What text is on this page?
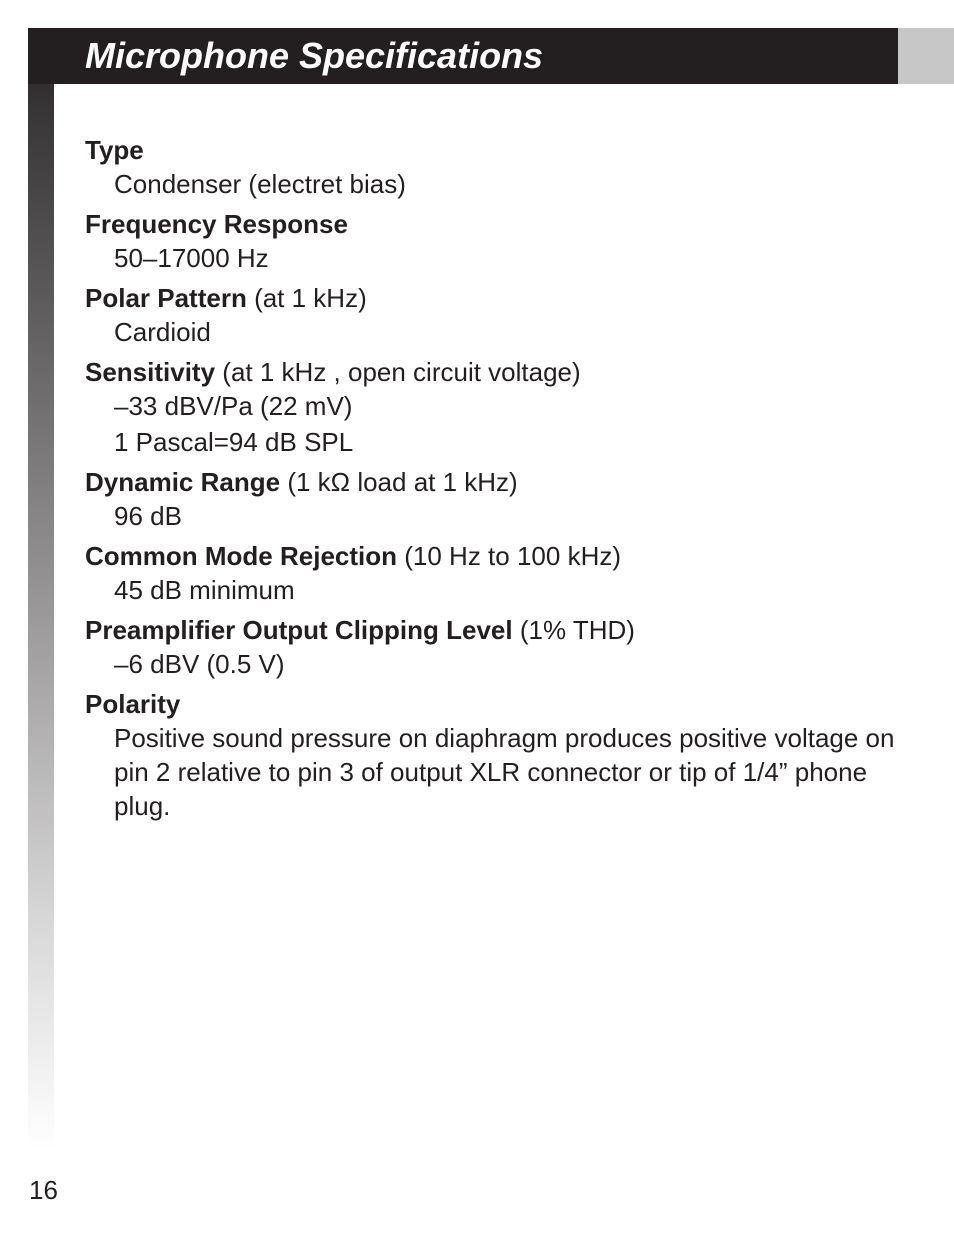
Microphone Specifications
Type
Condenser (electret bias)
Frequency Response
50–17000 Hz
Polar Pattern (at 1 kHz)
Cardioid
Sensitivity (at 1 kHz , open circuit voltage)
–33 dBV/Pa (22 mV)
1 Pascal=94 dB SPL
Dynamic Range (1 kΩ load at 1 kHz)
96 dB
Common Mode Rejection (10 Hz to 100 kHz)
45 dB minimum
Preamplifier Output Clipping Level (1% THD)
–6 dBV (0.5 V)
Polarity
Positive sound pressure on diaphragm produces positive voltage on pin 2 relative to pin 3 of output XLR connector or tip of 1/4” phone plug.
16
